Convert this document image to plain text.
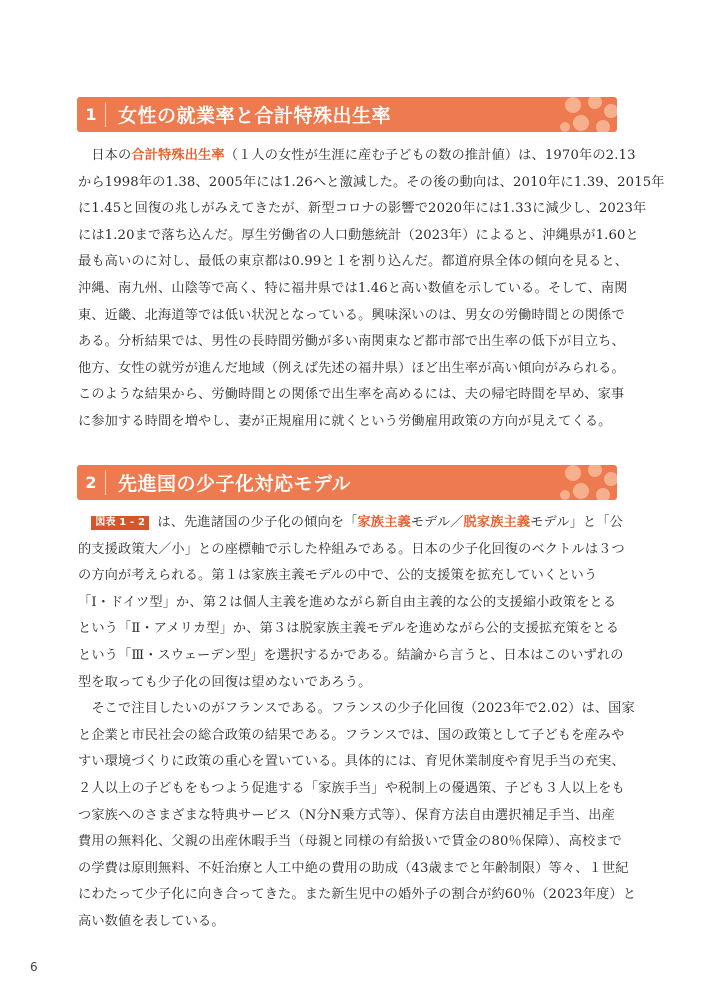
1	女性の就業率と合計特殊出生率
　日本の合計特殊出生率（１人の女性が生涯に産む子どもの数の推計値）は、1970年の2.13
から1998年の1.38、2005年には1.26へと激減した。その後の動向は、2010年に1.39、2015年
に1.45と回復の兆しがみえてきたが、新型コロナの影響で2020年には1.33に減少し、2023年
には1.20まで落ち込んだ。厚生労働省の人口動態統計（2023年）によると、沖縄県が1.60と
最も高いのに対し、最低の東京都は0.99と１を割り込んだ。都道府県全体の傾向を見ると、
沖縄、南九州、山陰等で高く、特に福井県では1.46と高い数値を示している。そして、南関
東、近畿、北海道等では低い状況となっている。興味深いのは、男女の労働時間との関係で
ある。分析結果では、男性の長時間労働が多い南関東など都市部で出生率の低下が目立ち、
他方、女性の就労が進んだ地域（例えば先述の福井県）ほど出生率が高い傾向がみられる。
このような結果から、労働時間との関係で出生率を高めるには、夫の帰宅時間を早め、家事
に参加する時間を増やし、妻が正規雇用に就くという労働雇用政策の方向が見えてくる。
2	先進国の少子化対応モデル
　図表 1 - 2 は、先進諸国の少子化の傾向を「家族主義モデル／脱家族主義モデル」と「公
的支援政策大／小」との座標軸で示した枠組みである。日本の少子化回復のベクトルは３つ
の方向が考えられる。第１は家族主義モデルの中で、公的支援策を拡充していくという
「Ⅰ・ドイツ型」か、第２は個人主義を進めながら新自由主義的な公的支援縮小政策をとる
という「Ⅱ・アメリカ型」か、第３は脱家族主義モデルを進めながら公的支援拡充策をとる
という「Ⅲ・スウェーデン型」を選択するかである。結論から言うと、日本はこのいずれの
型を取っても少子化の回復は望めないであろう。
　そこで注目したいのがフランスである。フランスの少子化回復（2023年で2.02）は、国家
と企業と市民社会の総合政策の結果である。フランスでは、国の政策として子どもを産みや
すい環境づくりに政策の重心を置いている。具体的には、育児休業制度や育児手当の充実、
２人以上の子どもをもつよう促進する「家族手当」や税制上の優遇策、子ども３人以上をも
つ家族へのさまざまな特典サービス（N分N乗方式等）、保育方法自由選択補足手当、出産
費用の無料化、父親の出産休暇手当（母親と同様の有給扱いで賃金の80％保障）、高校まで
の学費は原則無料、不妊治療と人工中絶の費用の助成（43歳までと年齢制限）等々、１世紀
にわたって少子化に向き合ってきた。また新生児中の婚外子の割合が約60％（2023年度）と
高い数値を表している。
6
